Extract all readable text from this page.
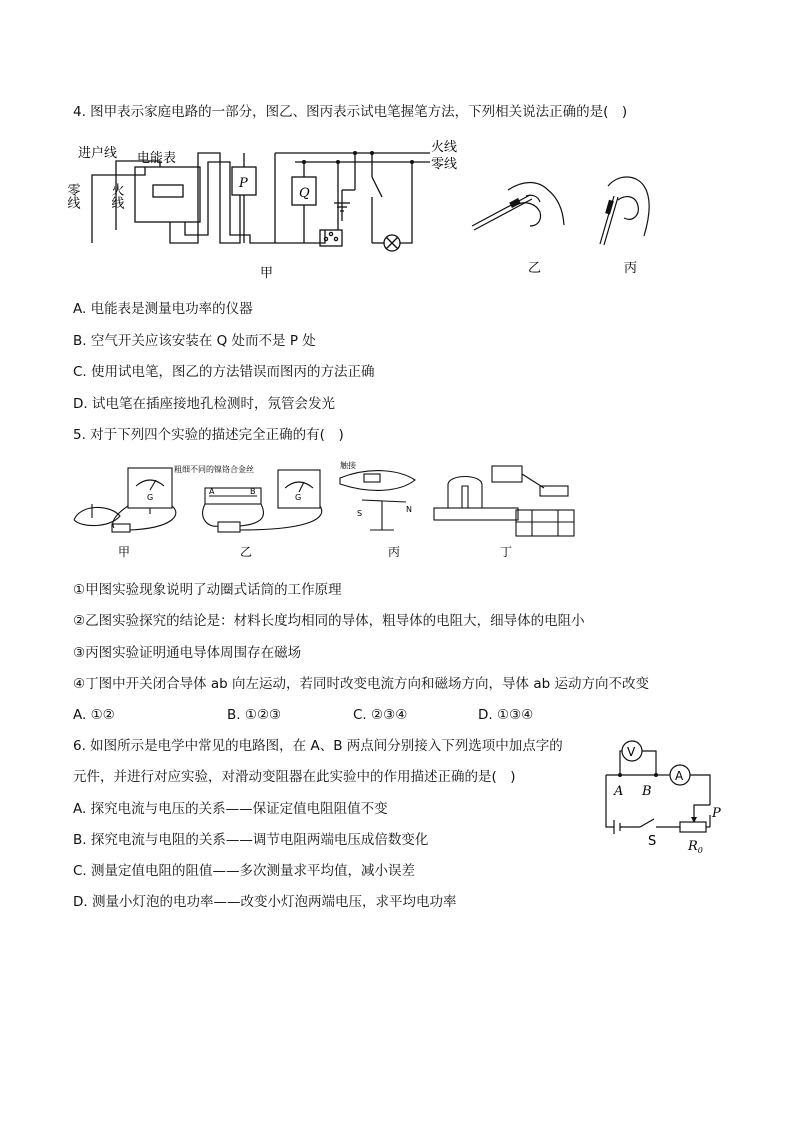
4. 图甲表示家庭电路的一部分，图乙、图丙表示试电笔握笔方法，下列相关说法正确的是(　)
进户线 电能表
零线 火线	P
Q
火线
零线
甲	乙	丙
A. 电能表是测量电功率的仪器
B. 空气开关应该安装在 Q 处而不是 P 处
C. 使用试电笔，图乙的方法错误而图丙的方法正确
D. 试电笔在插座接地孔检测时，氖管会发光
5. 对于下列四个实验的描述完全正确的有(　)
粗细不同的镍铬合金丝
A	B
G	G
触接
S	N
甲	乙	丙	丁
①甲图实验现象说明了动圈式话筒的工作原理
②乙图实验探究的结论是：材料长度均相同的导体，粗导体的电阻大，细导体的电阻小
③丙图实验证明通电导体周围存在磁场
④丁图中开关闭合导体 ab 向左运动，若同时改变电流方向和磁场方向，导体 ab 运动方向不改变
A. ①②	B. ①②③	C. ②③④	D. ①③④
6. 如图所示是电学中常见的电路图，在 A、B 两点间分别接入下列选项中加点字的
元件，并进行对应实验，对滑动变阻器在此实验中的作用描述正确的是(　)
V
A
A B
P
S $R_0$
A. 探究电流与电压的关系——保证定值电阻阻值不变
B. 探究电流与电阻的关系——调节电阻两端电压成倍数变化
C. 测量定值电阻的阻值——多次测量求平均值，减小误差
D. 测量小灯泡的电功率——改变小灯泡两端电压，求平均电功率
